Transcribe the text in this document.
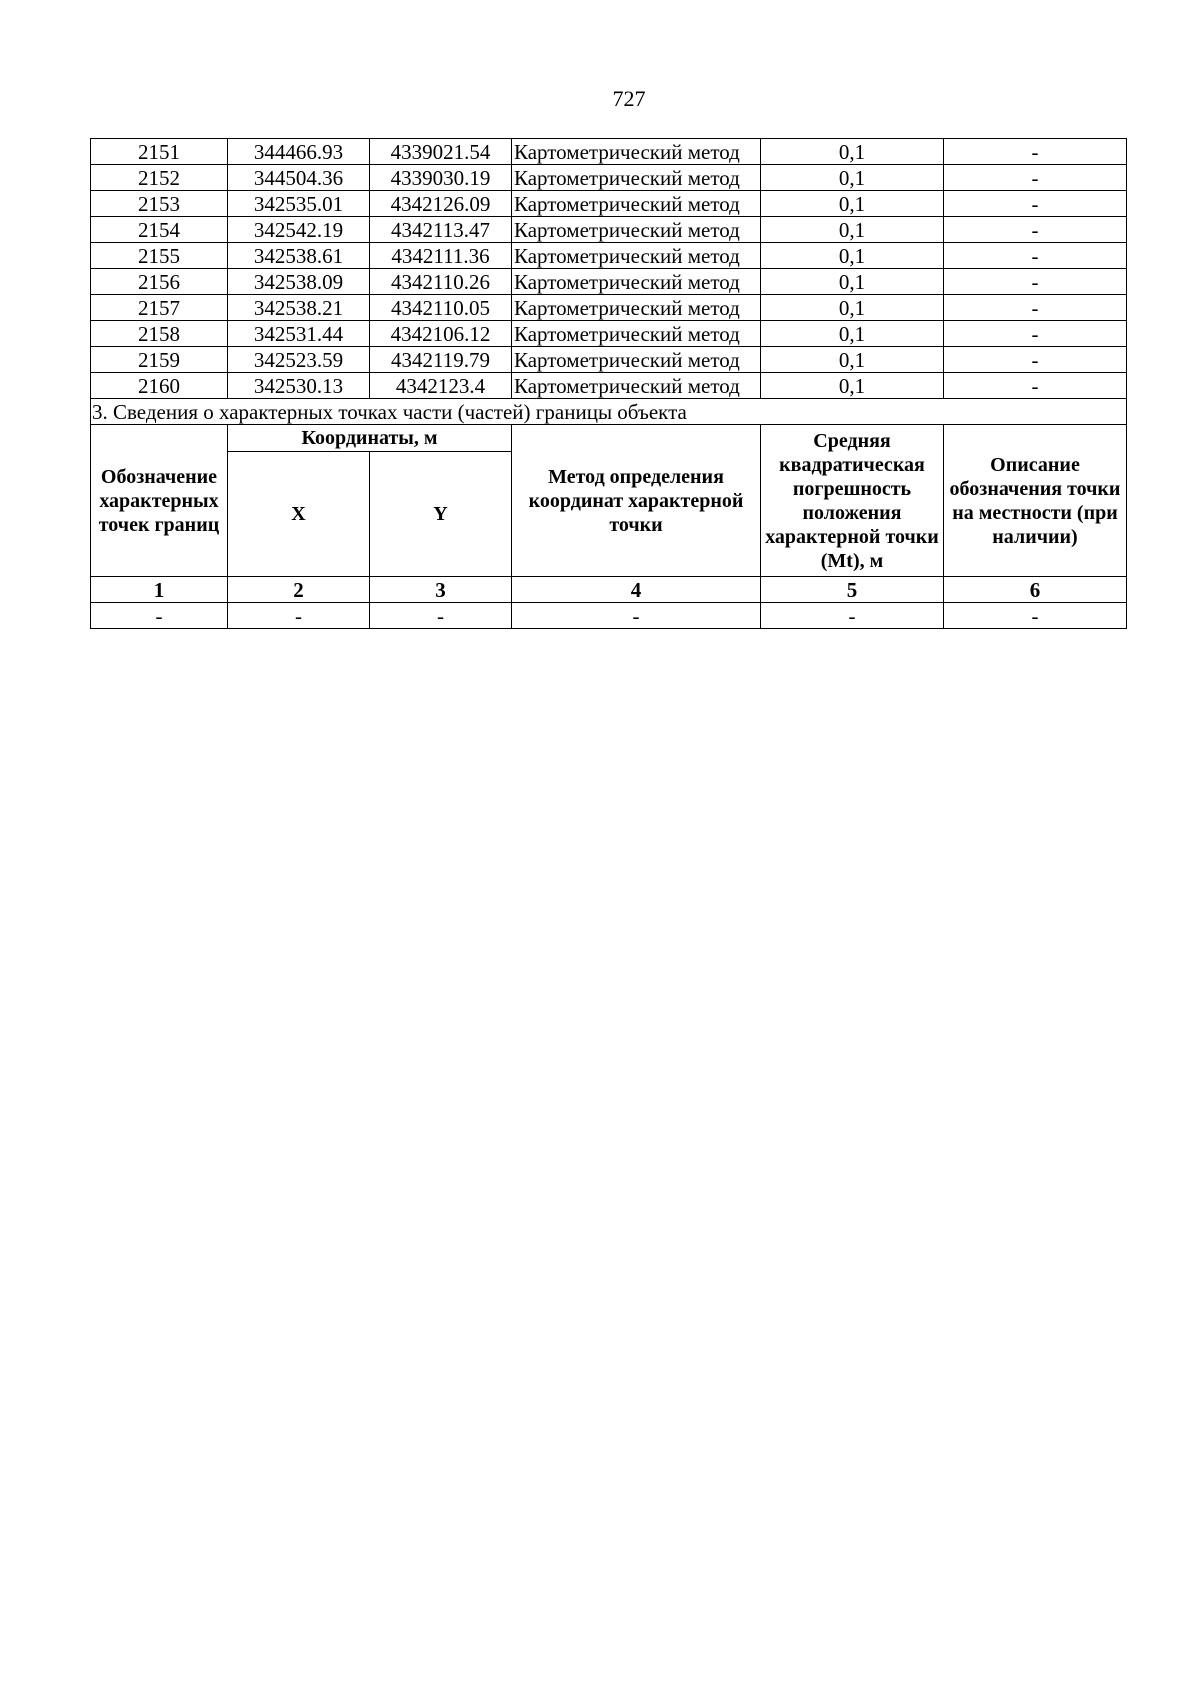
727
2151	344466.93	4339021.54	Картометрический метод	0,1	-
2152	344504.36	4339030.19	Картометрический метод	0,1	-
2153	342535.01	4342126.09	Картометрический метод	0,1	-
2154	342542.19	4342113.47	Картометрический метод	0,1	-
2155	342538.61	4342111.36	Картометрический метод	0,1	-
2156	342538.09	4342110.26	Картометрический метод	0,1	-
2157	342538.21	4342110.05	Картометрический метод	0,1	-
2158	342531.44	4342106.12	Картометрический метод	0,1	-
2159	342523.59	4342119.79	Картометрический метод	0,1	-
2160	342530.13	4342123.4	Картометрический метод	0,1	-
3. Сведения о характерных точках части (частей) границы объекта					
Обозначение характерных точек границ	Координаты, м		Метод определения координат характерной точки	Средняя квадратическая погрешность положения характерной точки (Mt), м	Описание обозначения точки на местности (при наличии)
	X	Y			
1	2	3	4	5	6
-	-	-	-	-	-
